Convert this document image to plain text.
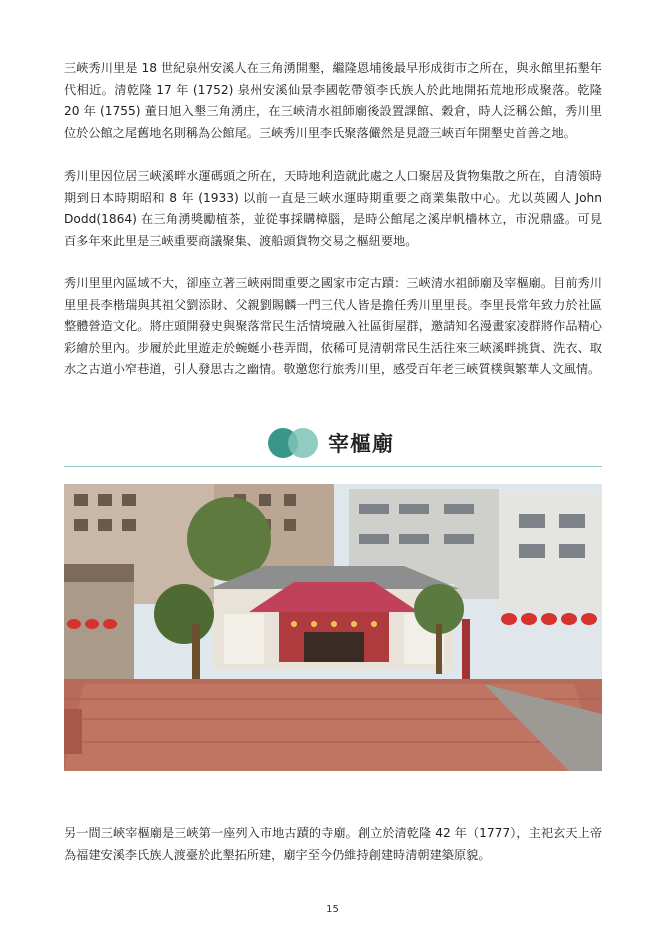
三峽秀川里是 18 世紀泉州安溪人在三角湧開墾，繼隆恩埔後最早形成街市之所在，與永館里拓墾年代相近。清乾隆 17 年 (1752) 泉州安溪仙景李國乾帶領李氏族人於此地開拓荒地形成聚落。乾隆 20 年 (1755) 董日旭入墾三角湧庄，在三峽清水祖師廟後設置課館、穀倉，時人泛稱公館，秀川里位於公館之尾舊地名則稱為公館尾。三峽秀川里李氏聚落儼然是見證三峽百年開墾史首善之地。

秀川里因位居三峽溪畔水運碼頭之所在，天時地利造就此處之人口聚居及貨物集散之所在，自清領時期到日本時期昭和 8 年 (1933) 以前一直是三峽水運時期重要之商業集散中心。尤以英國人 John Dodd(1864) 在三角湧獎勵植茶，並從事採購樟腦，是時公館尾之溪岸帆檣林立，市況鼎盛。可見百多年來此里是三峽重要商議聚集、渡船頭貨物交易之樞紐要地。

秀川里里內區域不大，卻座立著三峽兩間重要之國家市定古蹟：三峽清水祖師廟及宰樞廟。目前秀川里里長李楷瑞與其祖父劉添財、父親劉賜麟一門三代人皆是擔任秀川里里長。李里長常年致力於社區整體營造文化。將庄頭開發史與聚落常民生活情境融入社區街屋群，邀請知名漫畫家凌群將作品精心彩繪於里內。步履於此里遊走於蜿蜒小巷弄間，依稀可見清朝常民生活往來三峽溪畔挑貨、洗衣、取水之古道小窄巷道，引人發思古之幽情。敬邀您行旅秀川里，感受百年老三峽質樸與繁華人文風情。

宰樞廟

另一間三峽宰樞廟是三峽第一座列入市地古蹟的寺廟。創立於清乾隆 42 年（1777），主祀玄天上帝為福建安溪李氏族人渡臺於此墾拓所建，廟宇至今仍維持創建時清朝建築原貌。

15
